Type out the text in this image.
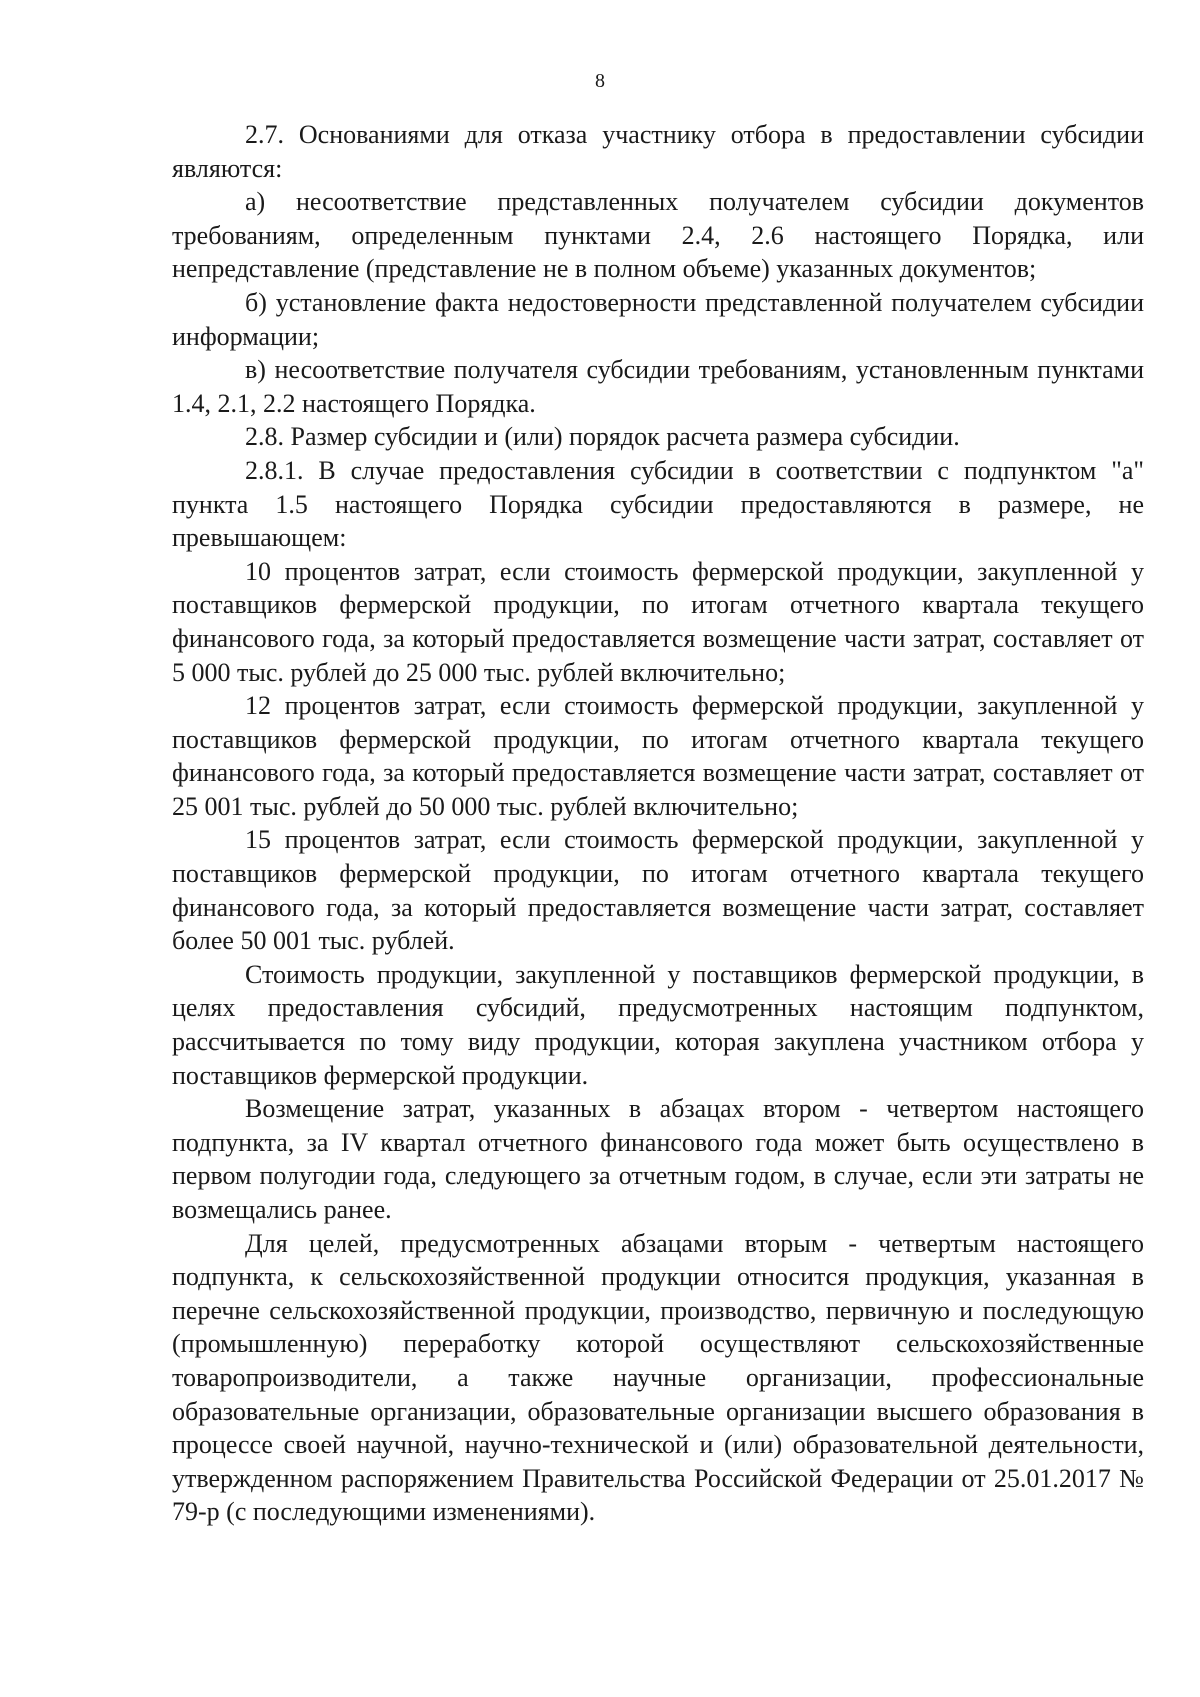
8

2.7. Основаниями для отказа участнику отбора в предоставлении субсидии являются:

а) несоответствие представленных получателем субсидии документов требованиям, определенным пунктами 2.4, 2.6 настоящего Порядка, или непредставление (представление не в полном объеме) указанных документов;

б) установление факта недостоверности представленной получателем субсидии информации;

в) несоответствие получателя субсидии требованиям, установленным пунктами 1.4, 2.1, 2.2 настоящего Порядка.

2.8. Размер субсидии и (или) порядок расчета размера субсидии.

2.8.1. В случае предоставления субсидии в соответствии с подпунктом "а" пункта 1.5 настоящего Порядка субсидии предоставляются в размере, не превышающем:

10 процентов затрат, если стоимость фермерской продукции, закупленной у поставщиков фермерской продукции, по итогам отчетного квартала текущего финансового года, за который предоставляется возмещение части затрат, составляет от 5 000 тыс. рублей до 25 000 тыс. рублей включительно;

12 процентов затрат, если стоимость фермерской продукции, закупленной у поставщиков фермерской продукции, по итогам отчетного квартала текущего финансового года, за который предоставляется возмещение части затрат, составляет от 25 001 тыс. рублей до 50 000 тыс. рублей включительно;

15 процентов затрат, если стоимость фермерской продукции, закупленной у поставщиков фермерской продукции, по итогам отчетного квартала текущего финансового года, за который предоставляется возмещение части затрат, составляет более 50 001 тыс. рублей.

Стоимость продукции, закупленной у поставщиков фермерской продукции, в целях предоставления субсидий, предусмотренных настоящим подпунктом, рассчитывается по тому виду продукции, которая закуплена участником отбора у поставщиков фермерской продукции.

Возмещение затрат, указанных в абзацах втором - четвертом настоящего подпункта, за IV квартал отчетного финансового года может быть осуществлено в первом полугодии года, следующего за отчетным годом, в случае, если эти затраты не возмещались ранее.

Для целей, предусмотренных абзацами вторым - четвертым настоящего подпункта, к сельскохозяйственной продукции относится продукция, указанная в перечне сельскохозяйственной продукции, производство, первичную и последующую (промышленную) переработку которой осуществляют сельскохозяйственные товаропроизводители, а также научные организации, профессиональные образовательные организации, образовательные организации высшего образования в процессе своей научной, научно-технической и (или) образовательной деятельности, утвержденном распоряжением Правительства Российской Федерации от 25.01.2017 № 79-р (с последующими изменениями).
